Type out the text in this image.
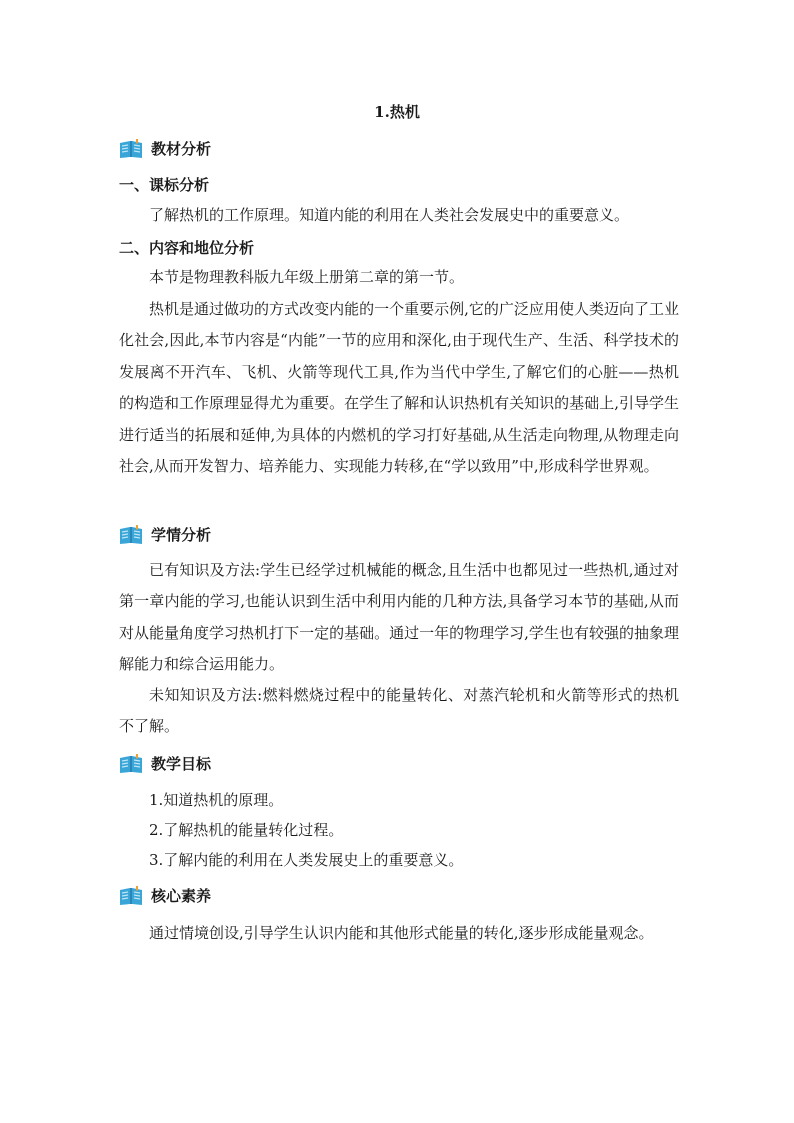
1.热机
教材分析
一、课标分析

了解热机的工作原理。知道内能的利用在人类社会发展史中的重要意义。

二、内容和地位分析

本节是物理教科版九年级上册第二章的第一节。

热机是通过做功的方式改变内能的一个重要示例,它的广泛应用使人类迈向了工业化社会,因此,本节内容是“内能”一节的应用和深化,由于现代生产、生活、科学技术的发展离不开汽车、飞机、火箭等现代工具,作为当代中学生,了解它们的心脏——热机的构造和工作原理显得尤为重要。在学生了解和认识热机有关知识的基础上,引导学生进行适当的拓展和延伸,为具体的内燃机的学习打好基础,从生活走向物理,从物理走向社会,从而开发智力、培养能力、实现能力转移,在“学以致用”中,形成科学世界观。

学情分析

已有知识及方法:学生已经学过机械能的概念,且生活中也都见过一些热机,通过对第一章内能的学习,也能认识到生活中利用内能的几种方法,具备学习本节的基础,从而对从能量角度学习热机打下一定的基础。通过一年的物理学习,学生也有较强的抽象理解能力和综合运用能力。

未知知识及方法:燃料燃烧过程中的能量转化、对蒸汽轮机和火箭等形式的热机不了解。

教学目标
1.知道热机的原理。
2.了解热机的能量转化过程。
3.了解内能的利用在人类发展史上的重要意义。
核心素养

通过情境创设,引导学生认识内能和其他形式能量的转化,逐步形成能量观念。
